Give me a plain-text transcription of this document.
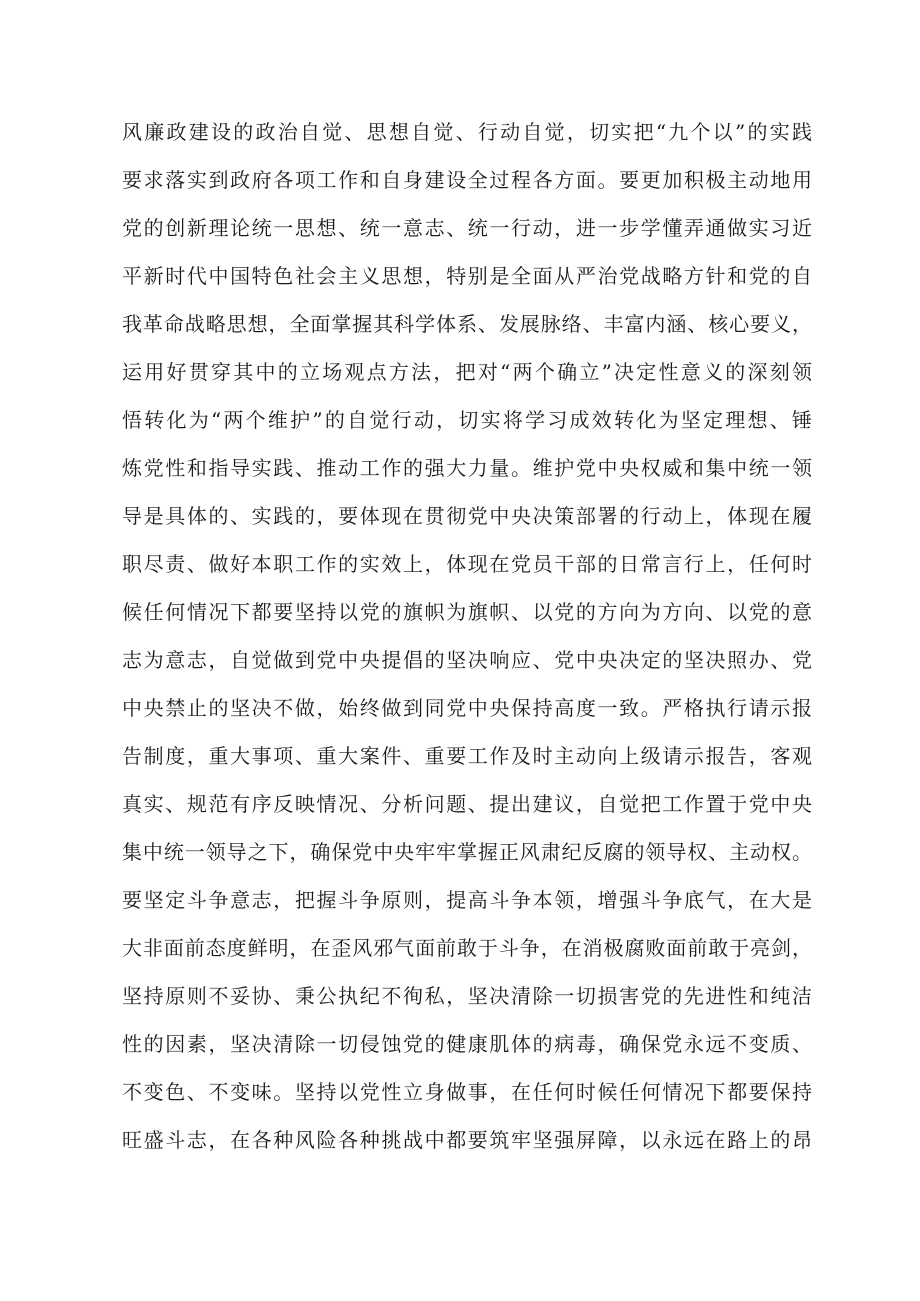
风廉政建设的政治自觉、思想自觉、行动自觉，切实把“九个以”的实践
要求落实到政府各项工作和自身建设全过程各方面。要更加积极主动地用
党的创新理论统一思想、统一意志、统一行动，进一步学懂弄通做实习近
平新时代中国特色社会主义思想，特别是全面从严治党战略方针和党的自
我革命战略思想，全面掌握其科学体系、发展脉络、丰富内涵、核心要义，
运用好贯穿其中的立场观点方法，把对“两个确立”决定性意义的深刻领
悟转化为“两个维护”的自觉行动，切实将学习成效转化为坚定理想、锤
炼党性和指导实践、推动工作的强大力量。维护党中央权威和集中统一领
导是具体的、实践的，要体现在贯彻党中央决策部署的行动上，体现在履
职尽责、做好本职工作的实效上，体现在党员干部的日常言行上，任何时
候任何情况下都要坚持以党的旗帜为旗帜、以党的方向为方向、以党的意
志为意志，自觉做到党中央提倡的坚决响应、党中央决定的坚决照办、党
中央禁止的坚决不做，始终做到同党中央保持高度一致。严格执行请示报
告制度，重大事项、重大案件、重要工作及时主动向上级请示报告，客观
真实、规范有序反映情况、分析问题、提出建议，自觉把工作置于党中央
集中统一领导之下，确保党中央牢牢掌握正风肃纪反腐的领导权、主动权。
要坚定斗争意志，把握斗争原则，提高斗争本领，增强斗争底气，在大是
大非面前态度鲜明，在歪风邪气面前敢于斗争，在消极腐败面前敢于亮剑，
坚持原则不妥协、秉公执纪不徇私，坚决清除一切损害党的先进性和纯洁
性的因素，坚决清除一切侵蚀党的健康肌体的病毒，确保党永远不变质、
不变色、不变味。坚持以党性立身做事，在任何时候任何情况下都要保持
旺盛斗志，在各种风险各种挑战中都要筑牢坚强屏障，以永远在路上的昂
